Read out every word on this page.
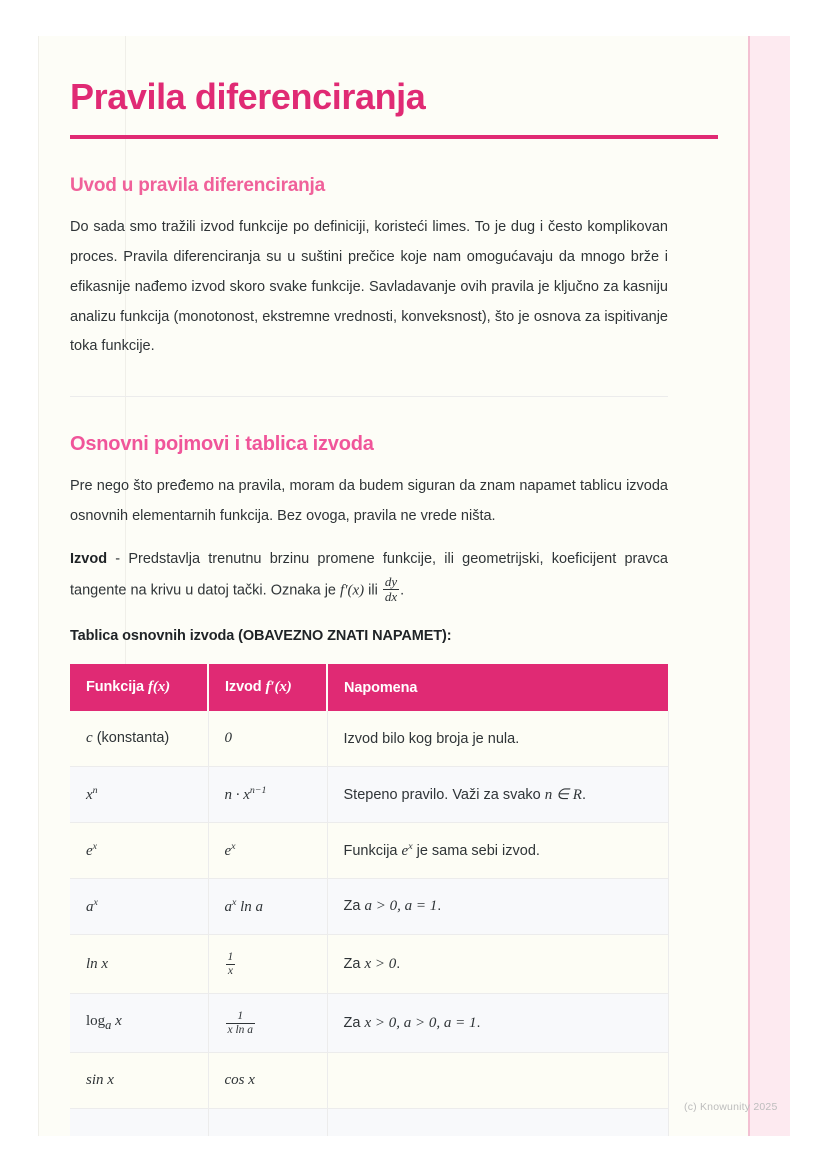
Pravila diferenciranja
Uvod u pravila diferenciranja

Do sada smo tražili izvod funkcije po definiciji, koristeći limes. To je dug i često komplikovan proces. Pravila diferenciranja su u suštini prečice koje nam omogućavaju da mnogo brže i efikasnije nađemo izvod skoro svake funkcije. Savladavanje ovih pravila je ključno za kasniju analizu funkcija (monotonost, ekstremne vrednosti, konveksnost), što je osnova za ispitivanje toka funkcije.

Osnovni pojmovi i tablica izvoda

Pre nego što pređemo na pravila, moram da budem siguran da znam napamet tablicu izvoda osnovnih elementarnih funkcija. Bez ovoga, pravila ne vrede ništa.

Izvod - Predstavlja trenutnu brzinu promene funkcije, ili geometrijski, koeficijent pravca tangente na krivu u datoj tački. Oznaka je f′(x) ili $\frac{dy}{dx}$ .

Tablica osnovnih izvoda (OBAVEZNO ZNATI NAPAMET):

Funkcija f(x)	Izvod f′(x)	Napomena
c (konstanta)	0	Izvod bilo kog broja je nula.
$x^n$	$n \cdot x^{n-1}$	Stepeno pravilo. Važi za svako n ∈ R.
$e^x$	$e^x$	Funkcija $e^x$ je sama sebi izvod.
$a^x$	$a^x$ ln a	Za a > 0, a = 1.
ln x	$\frac{1}{x}$	Za x > 0.
$\log_a x$	$\frac{1}{\text{x ln a}}$	Za x > 0, a > 0, a = 1.
sin x	cos x	

(c) Knowunity 2025
